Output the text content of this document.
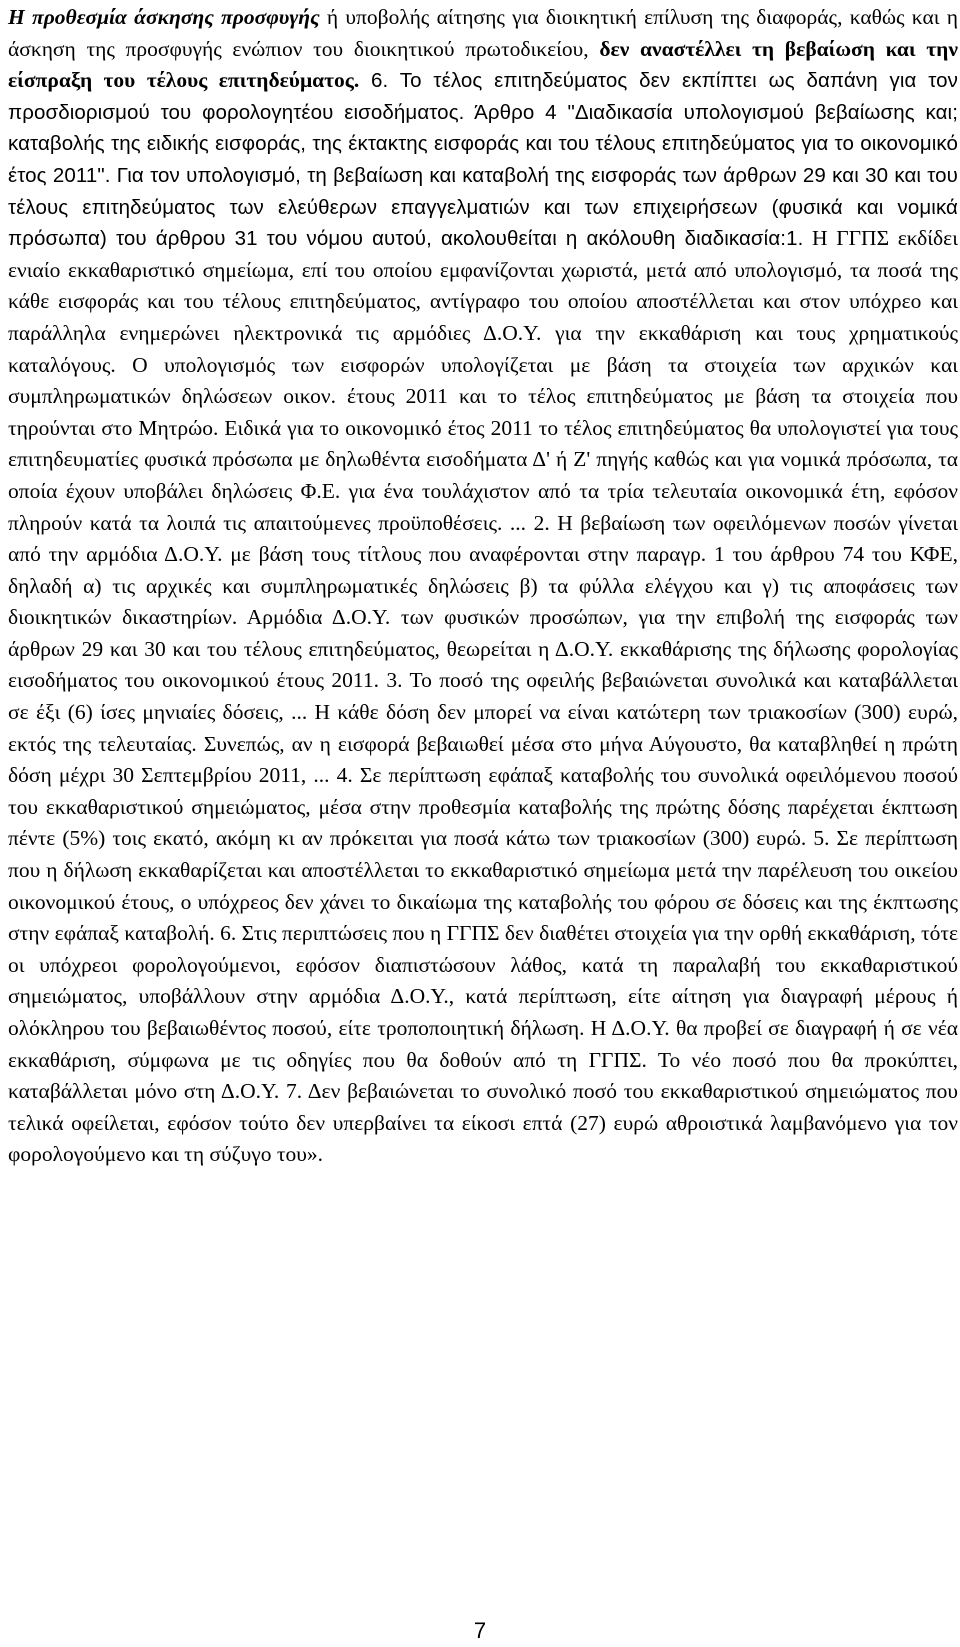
Η προθεσμία άσκησης προσφυγής ή υποβολής αίτησης για διοικητική επίλυση της διαφοράς, καθώς και η άσκηση της προσφυγής ενώπιον του διοικητικού πρωτοδικείου, δεν αναστέλλει τη βεβαίωση και την είσπραξη του τέλους επιτηδεύματος. 6. Το τέλος επιτηδεύματος δεν εκπίπτει ως δαπάνη για τον προσδιορισμού του φορολογητέου εισοδήματος. Άρθρο 4 "Διαδικασία υπολογισμού βεβαίωσης και; καταβολής της ειδικής εισφοράς, της έκτακτης εισφοράς και του τέλους επιτηδεύματος για το οικονομικό έτος 2011". Για τον υπολογισμό, τη βεβαίωση και καταβολή της εισφοράς των άρθρων 29 και 30 και του τέλους επιτηδεύματος των ελεύθερων επαγγελματιών και των επιχειρήσεων (φυσικά και νομικά πρόσωπα) του άρθρου 31 του νόμου αυτού, ακολουθείται η ακόλουθη διαδικασία:1. Η ΓΓΠΣ εκδίδει ενιαίο εκκαθαριστικό σημείωμα, επί του οποίου εμφανίζονται χωριστά, μετά από υπολογισμό, τα ποσά της κάθε εισφοράς και του τέλους επιτηδεύματος, αντίγραφο του οποίου αποστέλλεται και στον υπόχρεο και παράλληλα ενημερώνει ηλεκτρονικά τις αρμόδιες Δ.Ο.Υ. για την εκκαθάριση και τους χρηματικούς καταλόγους. Ο υπολογισμός των εισφορών υπολογίζεται με βάση τα στοιχεία των αρχικών και συμπληρωματικών δηλώσεων οικον. έτους 2011 και το τέλος επιτηδεύματος με βάση τα στοιχεία που τηρούνται στο Μητρώο. Ειδικά για το οικονομικό έτος 2011 το τέλος επιτηδεύματος θα υπολογιστεί για τους επιτηδευματίες φυσικά πρόσωπα με δηλωθέντα εισοδήματα Δ' ή Ζ' πηγής καθώς και για νομικά πρόσωπα, τα οποία έχουν υποβάλει δηλώσεις Φ.Ε. για ένα τουλάχιστον από τα τρία τελευταία οικονομικά έτη, εφόσον πληρούν κατά τα λοιπά τις απαιτούμενες προϋποθέσεις. ... 2. Η βεβαίωση των οφειλόμενων ποσών γίνεται από την αρμόδια Δ.Ο.Υ. με βάση τους τίτλους που αναφέρονται στην παραγρ. 1 του άρθρου 74 του ΚΦΕ, δηλαδή α) τις αρχικές και συμπληρωματικές δηλώσεις β) τα φύλλα ελέγχου και γ) τις αποφάσεις των διοικητικών δικαστηρίων. Αρμόδια Δ.Ο.Υ. των φυσικών προσώπων, για την επιβολή της εισφοράς των άρθρων 29 και 30 και του τέλους επιτηδεύματος, θεωρείται η Δ.Ο.Υ. εκκαθάρισης της δήλωσης φορολογίας εισοδήματος του οικονομικού έτους 2011. 3. Το ποσό της οφειλής βεβαιώνεται συνολικά και καταβάλλεται σε έξι (6) ίσες μηνιαίες δόσεις, ... Η κάθε δόση δεν μπορεί να είναι κατώτερη των τριακοσίων (300) ευρώ, εκτός της τελευταίας. Συνεπώς, αν η εισφορά βεβαιωθεί μέσα στο μήνα Αύγουστο, θα καταβληθεί η πρώτη δόση μέχρι 30 Σεπτεμβρίου 2011, ... 4. Σε περίπτωση εφάπαξ καταβολής του συνολικά οφειλόμενου ποσού του εκκαθαριστικού σημειώματος, μέσα στην προθεσμία καταβολής της πρώτης δόσης παρέχεται έκπτωση πέντε (5%) τοις εκατό, ακόμη κι αν πρόκειται για ποσά κάτω των τριακοσίων (300) ευρώ. 5. Σε περίπτωση που η δήλωση εκκαθαρίζεται και αποστέλλεται το εκκαθαριστικό σημείωμα μετά την παρέλευση του οικείου οικονομικού έτους, ο υπόχρεος δεν χάνει το δικαίωμα της καταβολής του φόρου σε δόσεις και της έκπτωσης στην εφάπαξ καταβολή. 6. Στις περιπτώσεις που η ΓΓΠΣ δεν διαθέτει στοιχεία για την ορθή εκκαθάριση, τότε οι υπόχρεοι φορολογούμενοι, εφόσον διαπιστώσουν λάθος, κατά τη παραλαβή του εκκαθαριστικού σημειώματος, υποβάλλουν στην αρμόδια Δ.Ο.Υ., κατά περίπτωση, είτε αίτηση για διαγραφή μέρους ή ολόκληρου του βεβαιωθέντος ποσού, είτε τροποποιητική δήλωση. Η Δ.Ο.Υ. θα προβεί σε διαγραφή ή σε νέα εκκαθάριση, σύμφωνα με τις οδηγίες που θα δοθούν από τη ΓΓΠΣ. Το νέο ποσό που θα προκύπτει, καταβάλλεται μόνο στη Δ.Ο.Υ. 7. Δεν βεβαιώνεται το συνολικό ποσό του εκκαθαριστικού σημειώματος που τελικά οφείλεται, εφόσον τούτο δεν υπερβαίνει τα είκοσι επτά (27) ευρώ αθροιστικά λαμβανόμενο για τον φορολογούμενο και τη σύζυγο του».

7
